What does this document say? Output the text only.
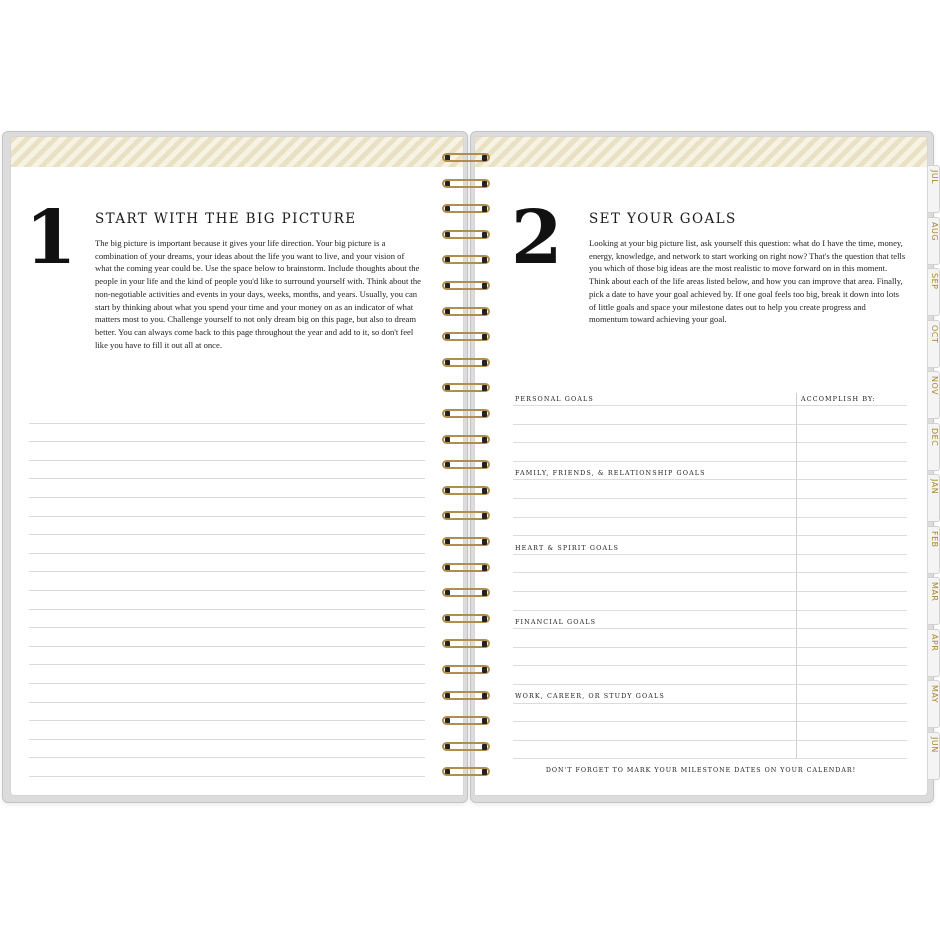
1 START WITH THE BIG PICTURE
The big picture is important because it gives your life direction. Your big picture is a combination of your dreams, your ideas about the life you want to live, and your vision of what the coming year could be. Use the space below to brainstorm. Include thoughts about the people in your life and the kind of people you'd like to surround yourself with. Think about the non-negotiable activities and events in your days, weeks, months, and years. Usually, you can start by thinking about what you spend your time and your money on as an indicator of what matters most to you. Challenge yourself to not only dream big on this page, but also to dream better. You can always come back to this page throughout the year and add to it, so don't feel like you have to fill it out all at once.
2 SET YOUR GOALS
Looking at your big picture list, ask yourself this question: what do I have the time, money, energy, knowledge, and network to start working on right now? That's the question that tells you which of those big ideas are the most realistic to move forward on in this moment. Think about each of the life areas listed below, and how you can improve that area. Finally, pick a date to have your goal achieved by. If one goal feels too big, break it down into lots of little goals and space your milestone dates out to help you create progress and momentum toward achieving your goal.
ACCOMPLISH BY:
PERSONAL GOALS
FAMILY, FRIENDS, & RELATIONSHIP GOALS
HEART & SPIRIT GOALS
FINANCIAL GOALS
WORK, CAREER, OR STUDY GOALS
DON'T FORGET TO MARK YOUR MILESTONE DATES ON YOUR CALENDAR!
JUL
AUG
SEP
OCT
NOV
DEC
JAN
FEB
MAR
APR
MAY
JUN
